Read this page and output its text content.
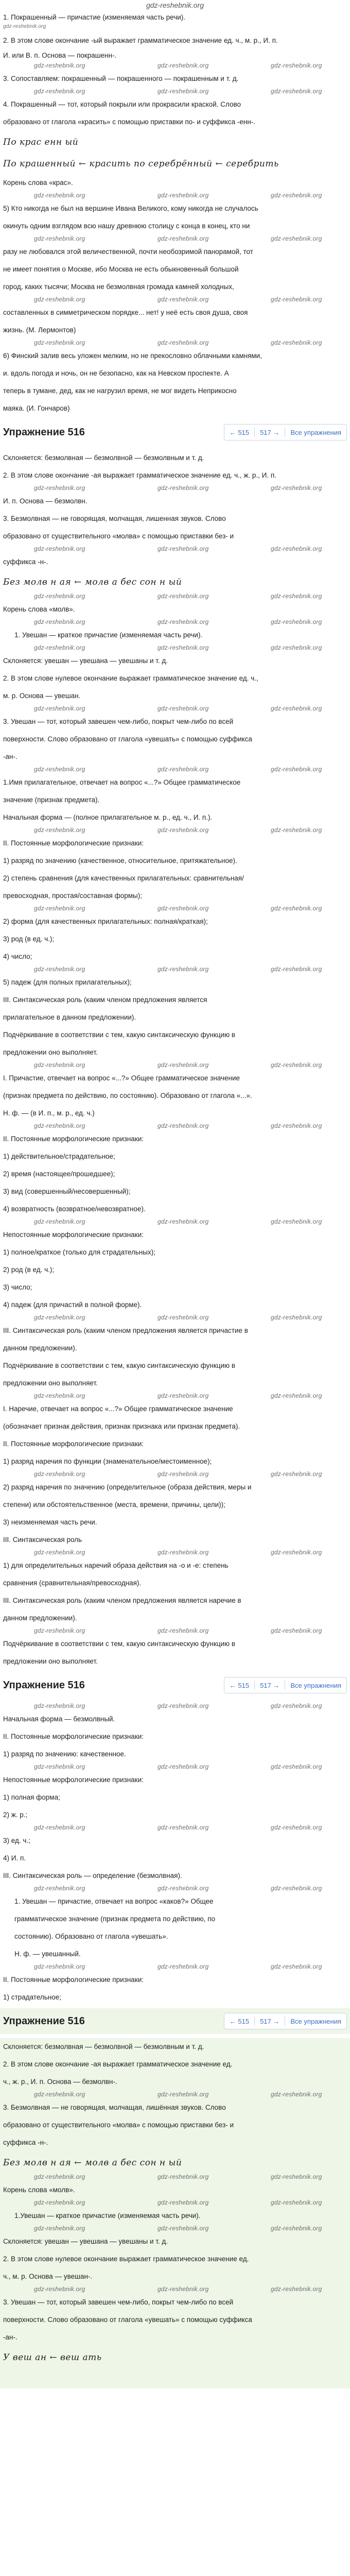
gdz-reshebnik.org
1. Покрашенный — причастие (изменяемая часть речи).
gdz-reshebnik.org
2. В этом слове окончание -ый выражает грамматическое значение ед. ч., м. р., И. п.
И. или В. п. Основа — покрашенн-.
gdz-reshebnik.org	gdz-reshebnik.org	gdz-reshebnik.org
3. Сопоставляем: покрашенный — покрашенного — покрашенным и т. д.
gdz-reshebnik.org	gdz-reshebnik.org	gdz-reshebnik.org
4. Покрашенный — тот, который покрыли или прокрасили краской. Слово
образовано от глагола «красить» с помощью приставки по- и суффикса -енн-.
По крас енн ый
По крашенный ← красить по серебрённый ← серебрить
Корень слова «крас».
gdz-reshebnik.org	gdz-reshebnik.org	gdz-reshebnik.org
5) Кто никогда не был на вершине Ивана Великого, кому никогда не случалось
окинуть одним взглядом всю нашу древнюю столицу с конца в конец, кто ни
gdz-reshebnik.org	gdz-reshebnik.org	gdz-reshebnik.org
разу не любовался этой величественной, почти необозримой панорамой, тот
не имеет понятия о Москве, ибо Москва не есть обыкновенный большой
город, каких тысячи; Москва не безмолвная громада камней холодных,
gdz-reshebnik.org	gdz-reshebnik.org	gdz-reshebnik.org
составленных в симметрическом порядке... нет! у неё есть своя душа, своя
жизнь. (М. Лермонтов)
gdz-reshebnik.org	gdz-reshebnik.org	gdz-reshebnik.org
6) Финский залив весь уложен мелким, но не прекословно облачными камнями,
и. вдоль погода и ночь, он не безопасно, как на Невском проспекте. А
теперь в тумане, дед, как не нагрузил время, не мог видеть Неприкосно
маяка. (И. Гончаров)
Упражнение 516	← 515 517 → Все упражнения
Склоняется: безмолвная — безмолвной — безмолвным и т. д.
2. В этом слове окончание -ая выражает грамматическое значение ед. ч., ж. р., И. п.
gdz-reshebnik.org	gdz-reshebnik.org	gdz-reshebnik.org
И. п. Основа — безмолвн.
3. Безмолвная — не говорящая, молчащая, лишенная звуков. Слово
образовано от существительного «молва» с помощью приставки без- и
gdz-reshebnik.org	gdz-reshebnik.org	gdz-reshebnik.org
суффикса -н-.
Без молв н ая ← молв а бес сон н ый
gdz-reshebnik.org	gdz-reshebnik.org	gdz-reshebnik.org
Корень слова «молв».
gdz-reshebnik.org	gdz-reshebnik.org	gdz-reshebnik.org
1. Увешан — краткое причастие (изменяемая часть речи).
gdz-reshebnik.org	gdz-reshebnik.org	gdz-reshebnik.org
Склоняется: увешан — увешана — увешаны и т. д.
2. В этом слове нулевое окончание выражает грамматическое значение ед. ч.,
м. р. Основа — увешан.
gdz-reshebnik.org	gdz-reshebnik.org	gdz-reshebnik.org
3. Увешан — тот, который завешен чем-либо, покрыт чем-либо по всей
поверхности. Слово образовано от глагола «увешать» с помощью суффикса
-ан-.
gdz-reshebnik.org	gdz-reshebnik.org	gdz-reshebnik.org
1.Имя прилагательное, отвечает на вопрос «...?» Общее грамматическое
значение (признак предмета).
Начальная форма — (полное прилагательное м. р., ед. ч., И. п.).
gdz-reshebnik.org	gdz-reshebnik.org	gdz-reshebnik.org
II. Постоянные морфологические признаки:
1) разряд по значению (качественное, относительное, притяжательное).
2) степень сравнения (для качественных прилагательных: сравнительная/
превосходная, простая/составная формы);
gdz-reshebnik.org	gdz-reshebnik.org	gdz-reshebnik.org
2) форма (для качественных прилагательных: полная/краткая);
3) род (в ед. ч.);
4) число;
gdz-reshebnik.org	gdz-reshebnik.org	gdz-reshebnik.org
5) падеж (для полных прилагательных);
III. Синтаксическая роль (каким членом предложения является
прилагательное в данном предложении).
Подчёркивание в соответствии с тем, какую синтаксическую функцию в
предложении оно выполняет.
gdz-reshebnik.org	gdz-reshebnik.org	gdz-reshebnik.org
I. Причастие, отвечает на вопрос «...?» Общее грамматическое значение
(признак предмета по действию, по состоянию). Образовано от глагола «...».
Н. ф. — (в И. п., м. р., ед. ч.)
gdz-reshebnik.org	gdz-reshebnik.org	gdz-reshebnik.org
II. Постоянные морфологические признаки:
1) действительное/страдательное;
2) время (настоящее/прошедшее);
3) вид (совершенный/несовершенный);
4) возвратность (возвратное/невозвратное).
gdz-reshebnik.org	gdz-reshebnik.org	gdz-reshebnik.org
Непостоянные морфологические признаки:
1) полное/краткое (только для страдательных);
2) род (в ед. ч.);
3) число;
4) падеж (для причастий в полной форме).
gdz-reshebnik.org	gdz-reshebnik.org	gdz-reshebnik.org
III. Синтаксическая роль (каким членом предложения является причастие в
данном предложении).
Подчёркивание в соответствии с тем, какую синтаксическую функцию в
предложении оно выполняет.
gdz-reshebnik.org	gdz-reshebnik.org	gdz-reshebnik.org
I. Наречие, отвечает на вопрос «...?» Общее грамматическое значение
(обозначает признак действия, признак признака или признак предмета).
II. Постоянные морфологические признаки:
1) разряд наречия по функции (знаменательное/местоименное);
gdz-reshebnik.org	gdz-reshebnik.org	gdz-reshebnik.org
2) разряд наречия по значению (определительное (образа действия, меры и
степени) или обстоятельственное (места, времени, причины, цели));
3) неизменяемая часть речи.
III. Синтаксическая роль
gdz-reshebnik.org	gdz-reshebnik.org	gdz-reshebnik.org
1) для определительных наречий образа действия на -о и -е: степень
сравнения (сравнительная/превосходная).
III. Синтаксическая роль (каким членом предложения является наречие в
данном предложении).
gdz-reshebnik.org	gdz-reshebnik.org	gdz-reshebnik.org
Подчёркивание в соответствии с тем, какую синтаксическую функцию в
предложении оно выполняет.
Упражнение 516	← 515 517 → Все упражнения
gdz-reshebnik.org	gdz-reshebnik.org	gdz-reshebnik.org
Начальная форма — безмолвный.
II. Постоянные морфологические признаки:
1) разряд по значению: качественное.
gdz-reshebnik.org	gdz-reshebnik.org	gdz-reshebnik.org
Непостоянные морфологические признаки:
1) полная форма;
2) ж. р.;
gdz-reshebnik.org	gdz-reshebnik.org	gdz-reshebnik.org
3) ед. ч.;
4) И. п.
III. Синтаксическая роль — определение (безмолвная).
gdz-reshebnik.org	gdz-reshebnik.org	gdz-reshebnik.org
1. Увешан — причастие, отвечает на вопрос «каков?» Общее
грамматическое значение (признак предмета по действию, по
состоянию). Образовано от глагола «увешать».
Н. ф. — увешанный.
gdz-reshebnik.org	gdz-reshebnik.org	gdz-reshebnik.org
II. Постоянные морфологические признаки:
1) страдательное;
Упражнение 516	← 515 517 → Все упражнения
Склоняется: безмолвная — безмолвной — безмолвным и т. д.
2. В этом слове окончание -ая выражает грамматическое значение ед.
ч., ж. р., И. п. Основа — безмолвн-.
gdz-reshebnik.org	gdz-reshebnik.org	gdz-reshebnik.org
3. Безмолвная — не говорящая, молчащая, лишённая звуков. Слово
образовано от существительного «молва» с помощью приставки без- и
суффикса -н-.
Без молв н ая ← молв а бес сон н ый
gdz-reshebnik.org	gdz-reshebnik.org	gdz-reshebnik.org
Корень слова «молв».
gdz-reshebnik.org	gdz-reshebnik.org	gdz-reshebnik.org
1.Увешан — краткое причастие (изменяемая часть речи).
gdz-reshebnik.org	gdz-reshebnik.org	gdz-reshebnik.org
Склоняется: увешан — увешана — увешаны и т. д.
2. В этом слове нулевое окончание выражает грамматическое значение ед.
ч., м. р. Основа — увешан-.
gdz-reshebnik.org	gdz-reshebnik.org	gdz-reshebnik.org
3. Увешан — тот, который завешен чем-либо, покрыт чем-либо по всей
поверхности. Слово образовано от глагола «увешать» с помощью суффикса
-ан-.
У веш ан ← веш ать
